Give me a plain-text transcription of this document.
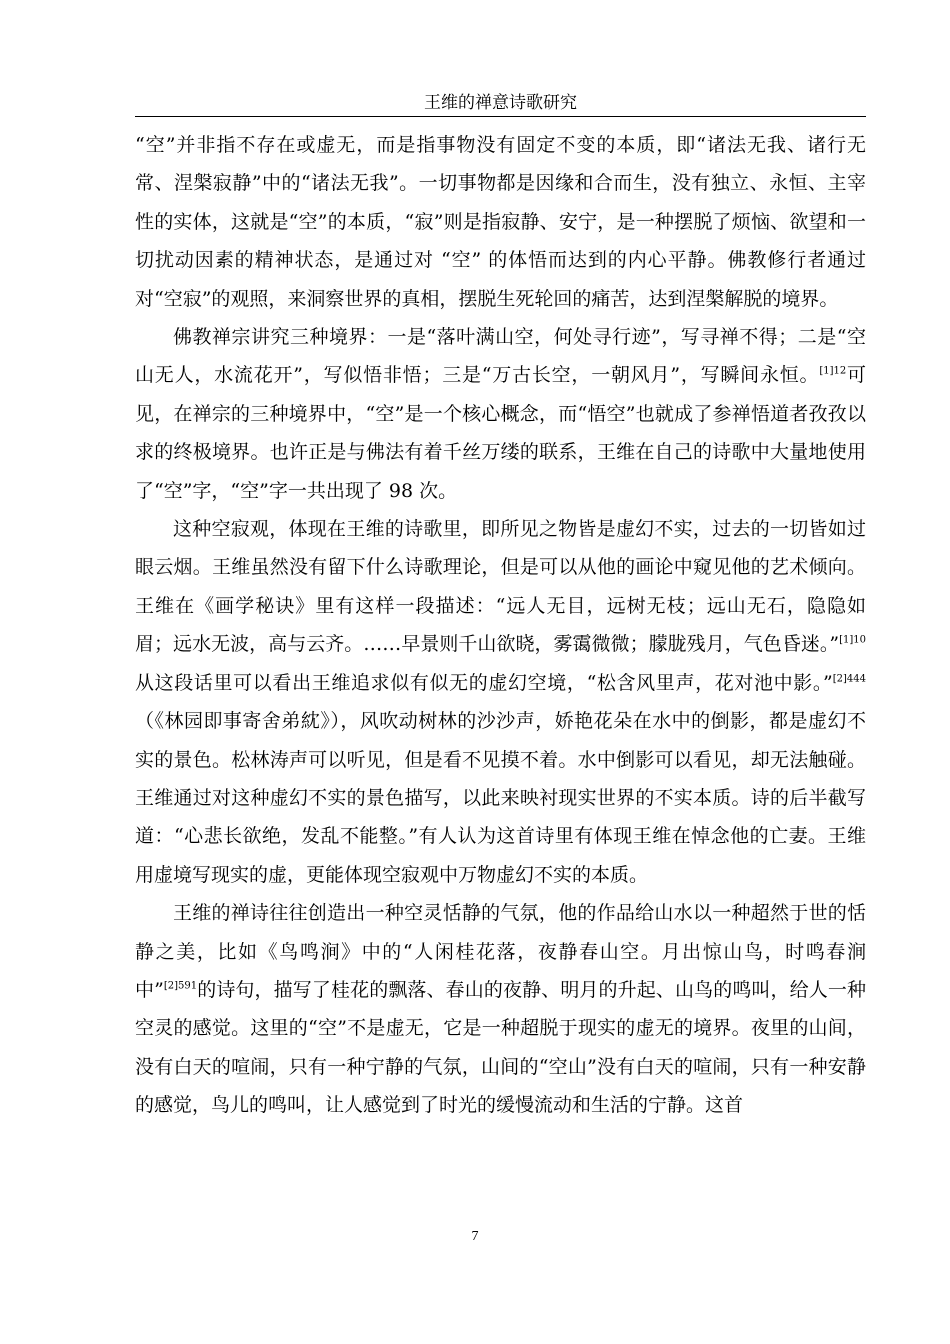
王维的禅意诗歌研究

“空”并非指不存在或虚无，而是指事物没有固定不变的本质，即“诸法无我、诸行无常、涅槃寂静”中的“诸法无我”。一切事物都是因缘和合而生，没有独立、永恒、主宰性的实体，这就是“空”的本质，“寂”则是指寂静、安宁，是一种摆脱了烦恼、欲望和一切扰动因素的精神状态，是通过对 “空” 的体悟而达到的内心平静。佛教修行者通过对“空寂”的观照，来洞察世界的真相，摆脱生死轮回的痛苦，达到涅槃解脱的境界。

佛教禅宗讲究三种境界：一是“落叶满山空，何处寻行迹”，写寻禅不得；二是“空山无人，水流花开”，写似悟非悟；三是“万古长空，一朝风月”，写瞬间永恒。$^{[1]12}$可见，在禅宗的三种境界中，“空”是一个核心概念，而“悟空”也就成了参禅悟道者孜孜以求的终极境界。也许正是与佛法有着千丝万缕的联系，王维在自己的诗歌中大量地使用了“空”字，“空”字一共出现了 98 次。

这种空寂观，体现在王维的诗歌里，即所见之物皆是虚幻不实，过去的一切皆如过眼云烟。王维虽然没有留下什么诗歌理论，但是可以从他的画论中窥见他的艺术倾向。王维在《画学秘诀》里有这样一段描述：“远人无目，远树无枝；远山无石，隐隐如眉；远水无波，高与云齐。……早景则千山欲晓，雾霭微微；朦胧残月，气色昏迷。”$^{[1]10}$从这段话里可以看出王维追求似有似无的虚幻空境，“松含风里声，花对池中影。”$^{[2]444}$（《林园即事寄舍弟紞》），风吹动树林的沙沙声，娇艳花朵在水中的倒影，都是虚幻不实的景色。松林涛声可以听见，但是看不见摸不着。水中倒影可以看见，却无法触碰。王维通过对这种虚幻不实的景色描写，以此来映衬现实世界的不实本质。诗的后半截写道：“心悲长欲绝，发乱不能整。”有人认为这首诗里有体现王维在悼念他的亡妻。王维用虚境写现实的虚，更能体现空寂观中万物虚幻不实的本质。

王维的禅诗往往创造出一种空灵恬静的气氛，他的作品给山水以一种超然于世的恬静之美，比如《鸟鸣涧》中的“人闲桂花落，夜静春山空。月出惊山鸟，时鸣春涧中”$^{[2]591}$的诗句，描写了桂花的飘落、春山的夜静、明月的升起、山鸟的鸣叫，给人一种空灵的感觉。这里的“空”不是虚无，它是一种超脱于现实的虚无的境界。夜里的山间，没有白天的喧闹，只有一种宁静的气氛，山间的“空山”没有白天的喧闹，只有一种安静的感觉，鸟儿的鸣叫，让人感觉到了时光的缓慢流动和生活的宁静。这首

7
